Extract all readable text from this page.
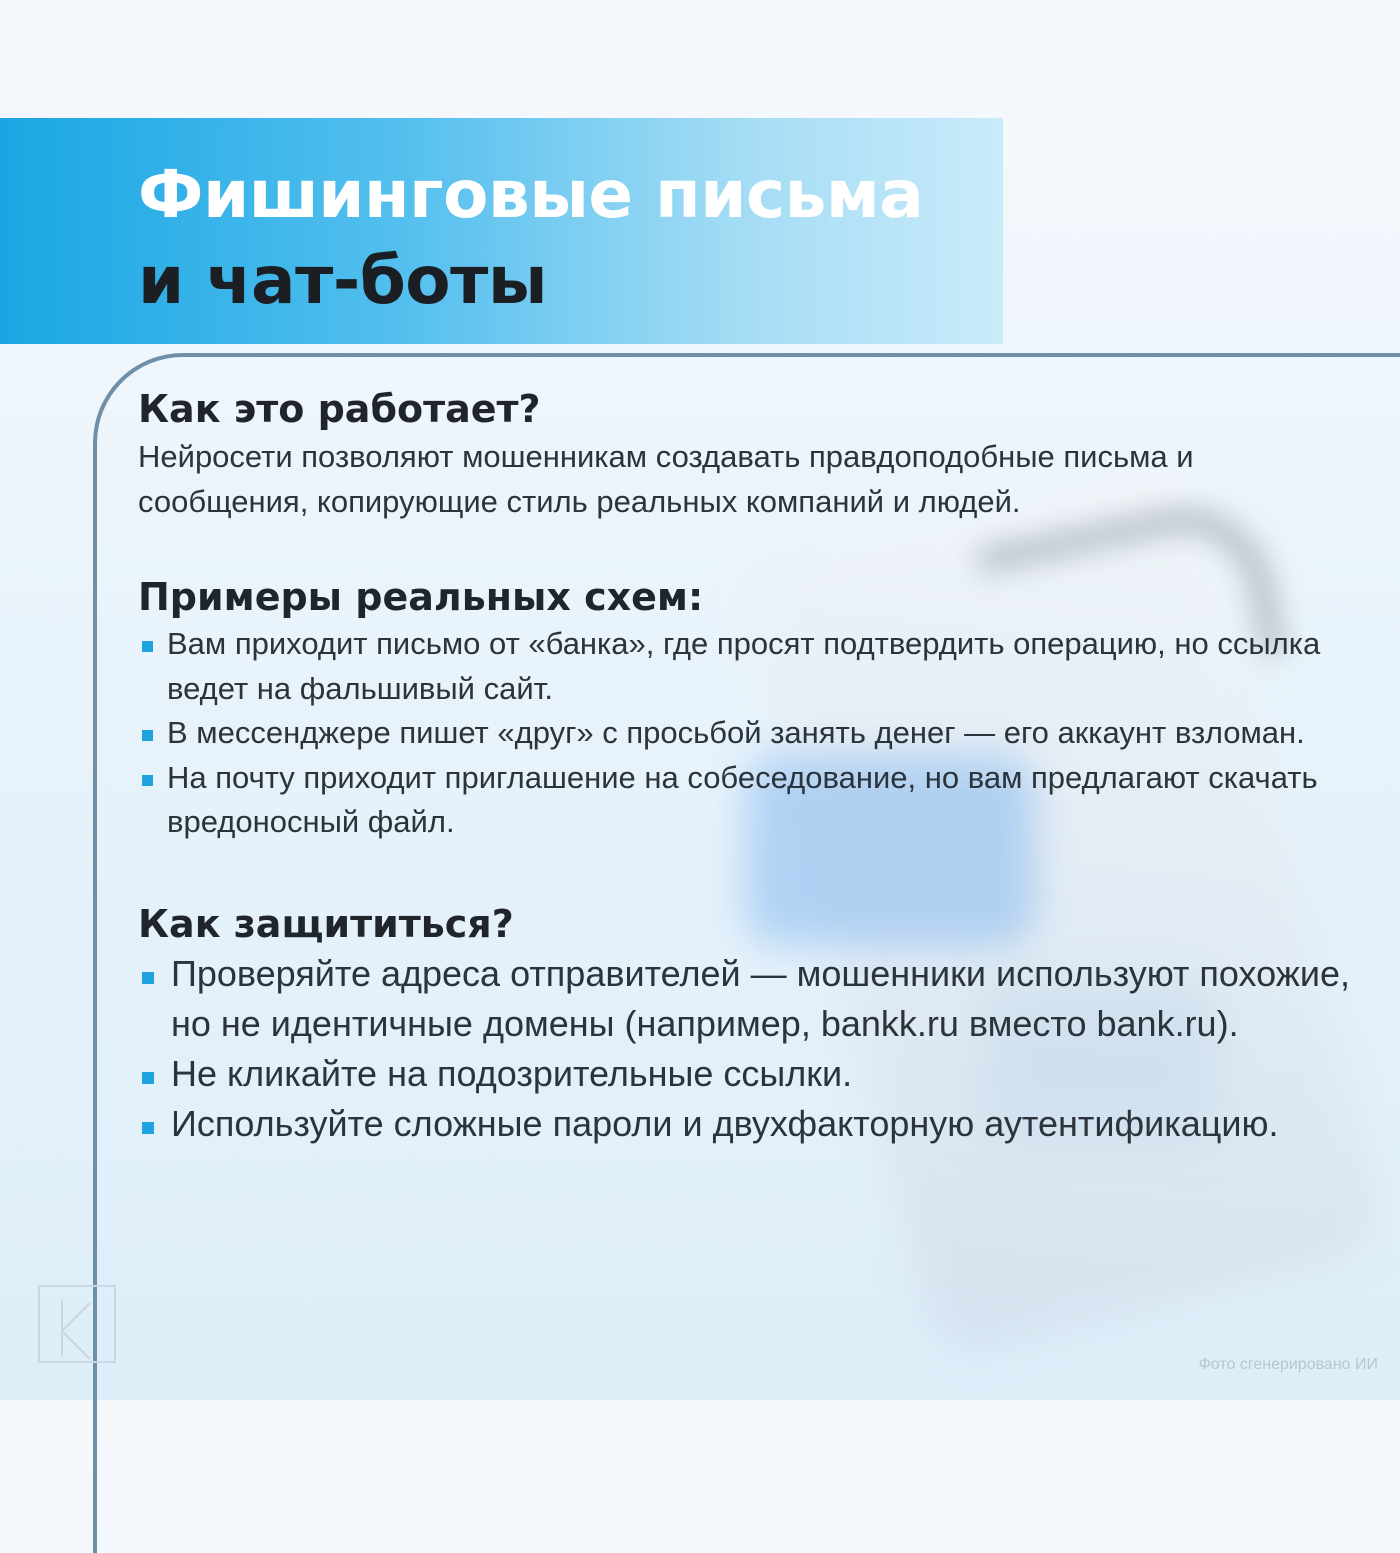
Фишинговые письма
и чат-боты
Как это работает?

Нейросети позволяют мошенникам создавать правдоподобные письма и сообщения, копирующие стиль реальных компаний и людей.

Примеры реальных схем:
Вам приходит письмо от «банка», где просят подтвердить операцию, но ссылка ведет на фальшивый сайт.
В мессенджере пишет «друг» с просьбой занять денег — его аккаунт взломан.
На почту приходит приглашение на собеседование, но вам предлагают скачать вредоносный файл.
Как защититься?
Проверяйте адреса отправителей — мошенники используют похожие, но не идентичные домены (например, bankk.ru вместо bank.ru).
Не кликайте на подозрительные ссылки.
Используйте сложные пароли и двухфакторную аутентификацию.
Фото сгенерировано ИИ
